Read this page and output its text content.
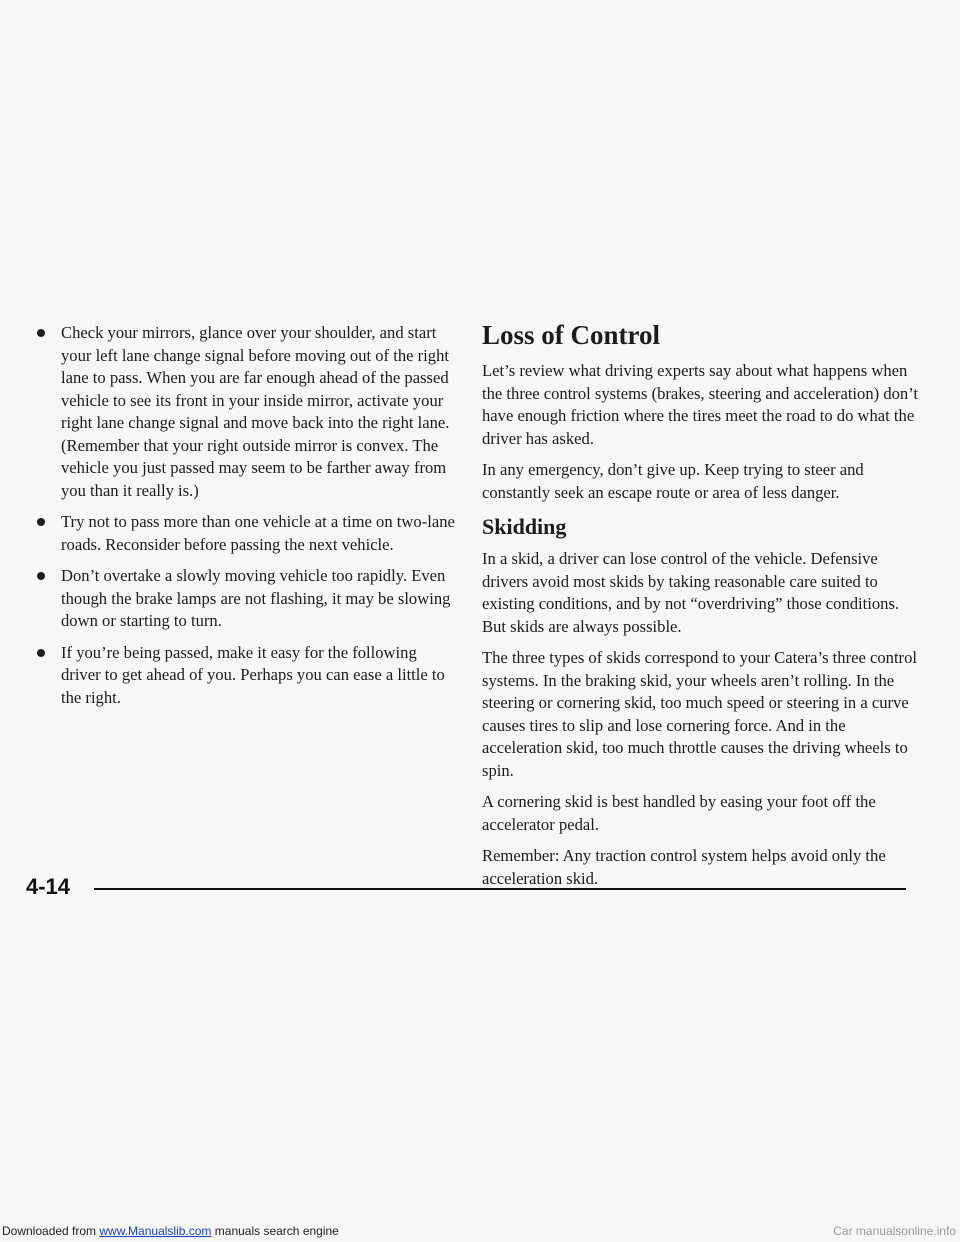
Check your mirrors, glance over your shoulder, and start your left lane change signal before moving out of the right lane to pass. When you are far enough ahead of the passed vehicle to see its front in your inside mirror, activate your right lane change signal and move back into the right lane. (Remember that your right outside mirror is convex. The vehicle you just passed may seem to be farther away from you than it really is.)
Try not to pass more than one vehicle at a time on two-lane roads. Reconsider before passing the next vehicle.
Don’t overtake a slowly moving vehicle too rapidly. Even though the brake lamps are not flashing, it may be slowing down or starting to turn.
If you’re being passed, make it easy for the following driver to get ahead of you. Perhaps you can ease a little to the right.
Loss of Control

Let’s review what driving experts say about what happens when the three control systems (brakes, steering and acceleration) don’t have enough friction where the tires meet the road to do what the driver has asked.

In any emergency, don’t give up. Keep trying to steer and constantly seek an escape route or area of less danger.

Skidding

In a skid, a driver can lose control of the vehicle. Defensive drivers avoid most skids by taking reasonable care suited to existing conditions, and by not “overdriving” those conditions. But skids are always possible.

The three types of skids correspond to your Catera’s three control systems. In the braking skid, your wheels aren’t rolling. In the steering or cornering skid, too much speed or steering in a curve causes tires to slip and lose cornering force. And in the acceleration skid, too much throttle causes the driving wheels to spin.

A cornering skid is best handled by easing your foot off the accelerator pedal.

Remember: Any traction control system helps avoid only the acceleration skid.

4-14
Downloaded from www.Manualslib.com manuals search engine	Car manualsonline.info
